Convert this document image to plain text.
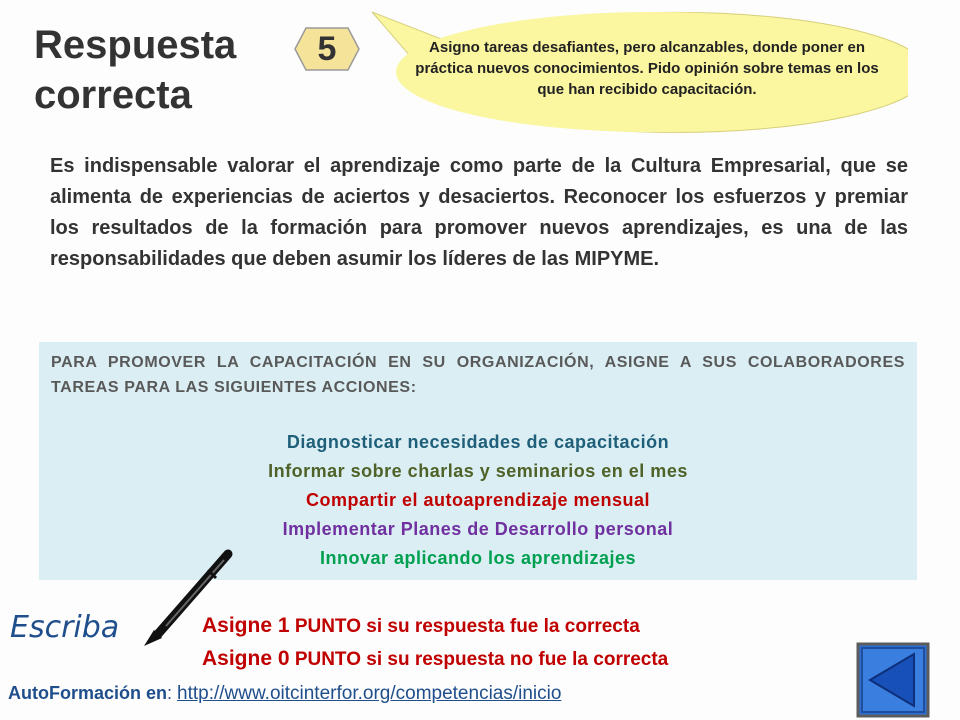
Respuesta correcta
5	Asigno tareas desafiantes, pero alcanzables, donde poner en práctica nuevos conocimientos. Pido opinión sobre temas en los que han recibido capacitación.

Es indispensable valorar el aprendizaje como parte de la Cultura Empresarial, que se alimenta de experiencias de aciertos y desaciertos. Reconocer los esfuerzos y premiar los resultados de la formación para promover nuevos aprendizajes, es una de las responsabilidades que deben asumir los líderes de las MIPYME.

PARA PROMOVER LA CAPACITACIÓN EN SU ORGANIZACIÓN, ASIGNE A SUS COLABORADORES TAREAS PARA LAS SIGUIENTES ACCIONES:
Diagnosticar necesidades de capacitación
Informar sobre charlas y seminarios en el mes
Compartir el autoaprendizaje mensual
Implementar Planes de Desarrollo personal
Innovar aplicando los aprendizajes
Escriba	Asigne 1 PUNTO si su respuesta fue la correcta
Asigne 0 PUNTO si su respuesta no fue la correcta
AutoFormación en: http://www.oitcinterfor.org/competencias/inicio
